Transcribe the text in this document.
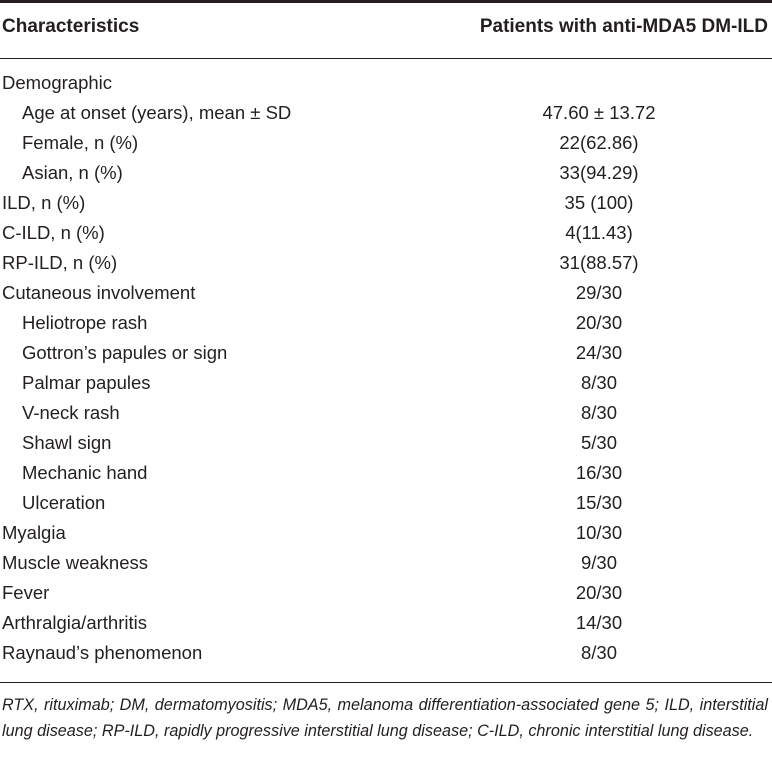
Characteristics	Patients with anti-MDA5 DM-ILD
Demographic
Age at onset (years), mean ± SD	47.60 ± 13.72
Female, n (%)	22(62.86)
Asian, n (%)	33(94.29)
ILD, n (%)	35 (100)
C-ILD, n (%)	4(11.43)
RP-ILD, n (%)	31(88.57)
Cutaneous involvement	29/30
Heliotrope rash	20/30
Gottron’s papules or sign	24/30
Palmar papules	8/30
V-neck rash	8/30
Shawl sign	5/30
Mechanic hand	16/30
Ulceration	15/30
Myalgia	10/30
Muscle weakness	9/30
Fever	20/30
Arthralgia/arthritis	14/30
Raynaud’s phenomenon	8/30
RTX, rituximab; DM, dermatomyositis; MDA5, melanoma differentiation-associated gene 5; ILD, interstitial lung disease; RP-ILD, rapidly progressive interstitial lung disease; C-ILD, chronic interstitial lung disease.
